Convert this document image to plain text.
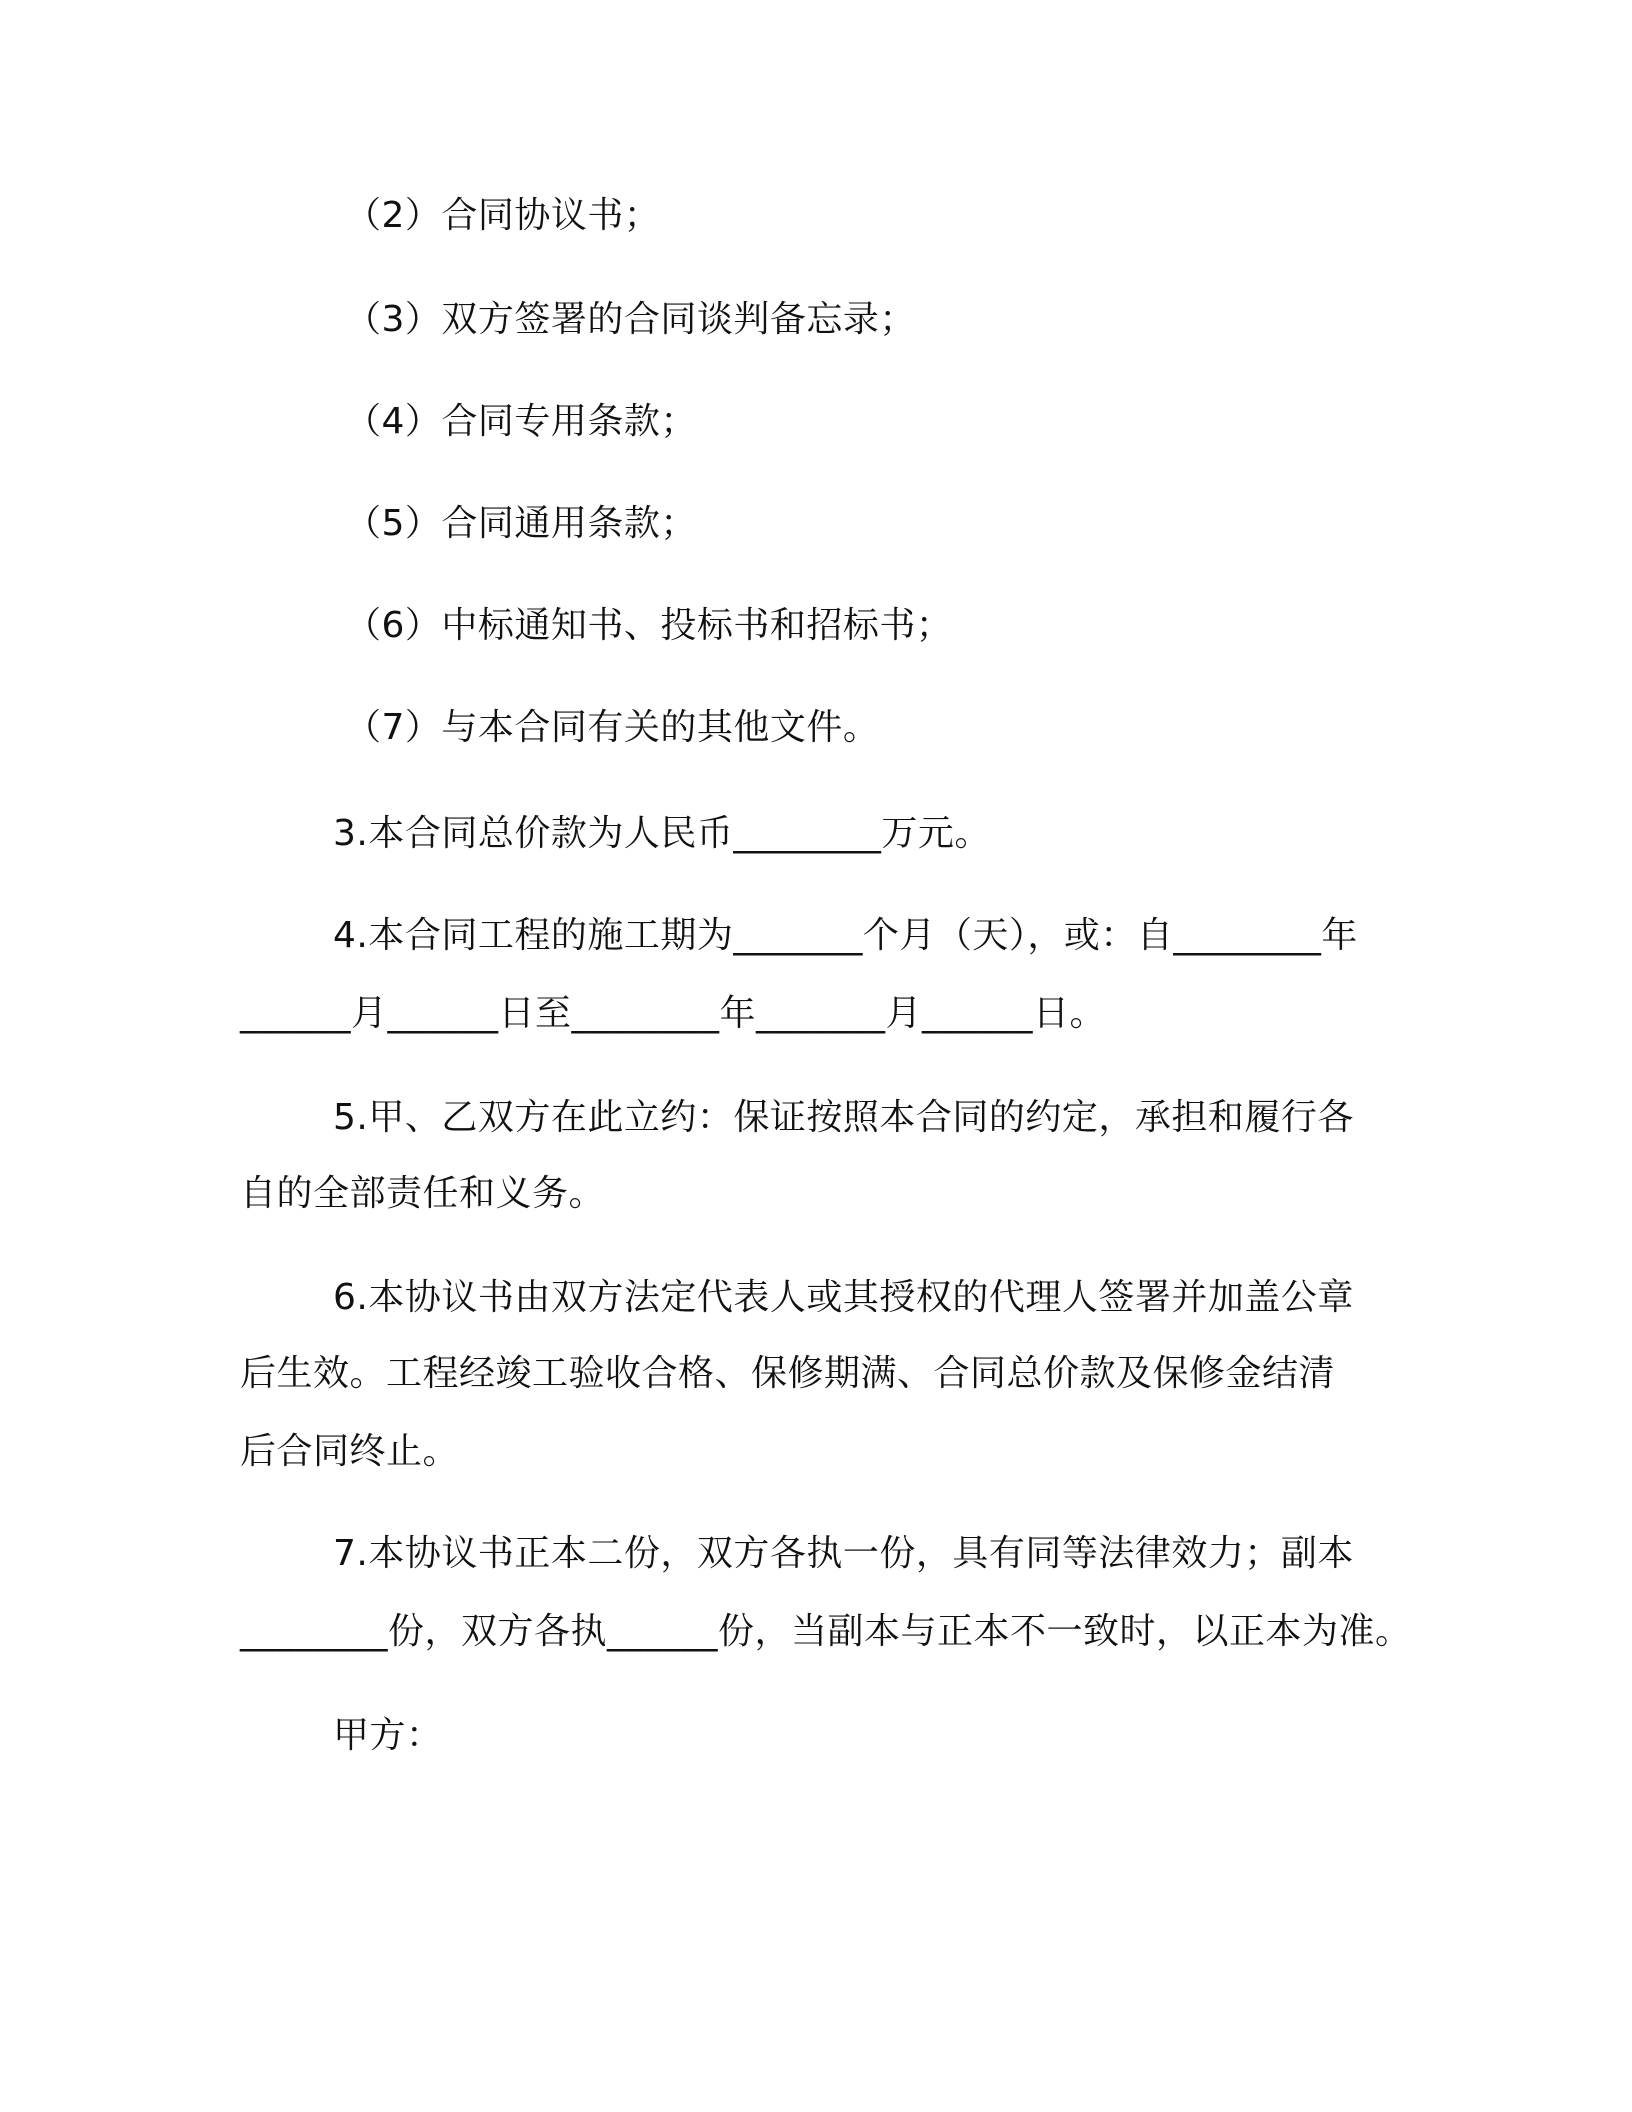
（2）合同协议书；
（3）双方签署的合同谈判备忘录；
（4）合同专用条款；
（5）合同通用条款；
（6）中标通知书、投标书和招标书；
（7）与本合同有关的其他文件。
3.本合同总价款为人民币________万元。
4.本合同工程的施工期为_______个月（天），或：自________年
______月______日至________年_______月______日。
5.甲、乙双方在此立约：保证按照本合同的约定，承担和履行各
自的全部责任和义务。
6.本协议书由双方法定代表人或其授权的代理人签署并加盖公章
后生效。工程经竣工验收合格、保修期满、合同总价款及保修金结清
后合同终止。
7.本协议书正本二份，双方各执一份，具有同等法律效力；副本
________份，双方各执______份，当副本与正本不一致时，以正本为准。
甲方：
